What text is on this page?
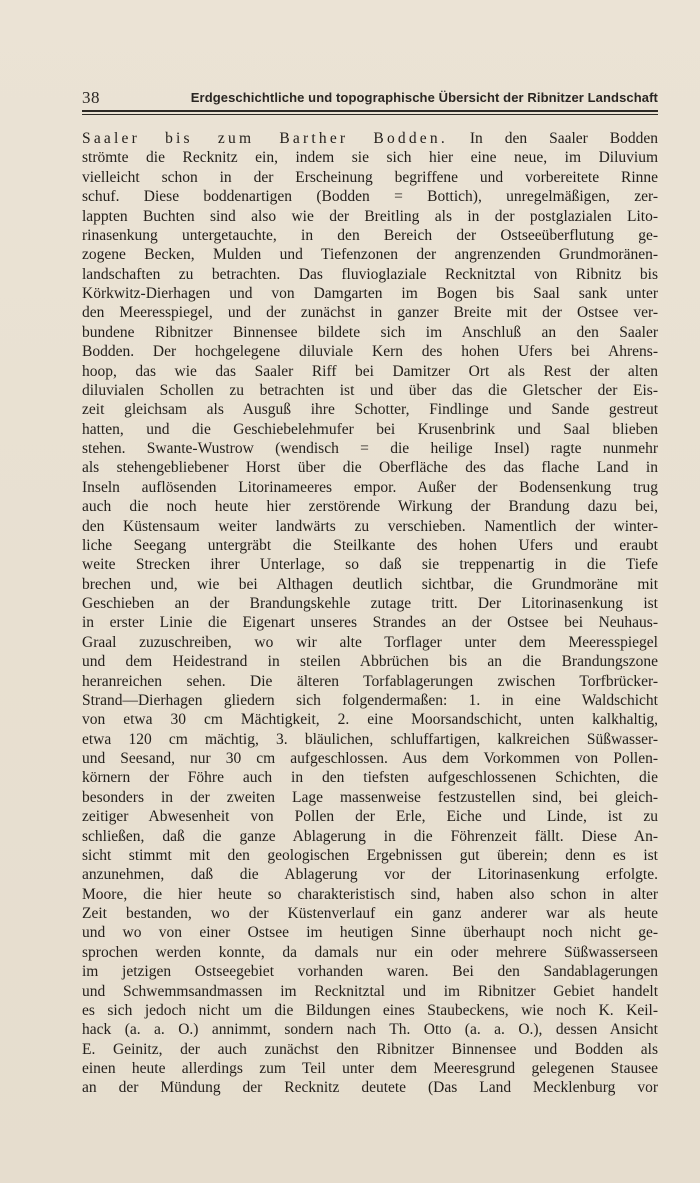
38	Erdgeschichtliche und topographische Übersicht der Ribnitzer Landschaft
Saaler bis zum Barther Bodden. In den Saaler Bodden
strömte die Recknitz ein, indem sie sich hier eine neue, im Diluvium
vielleicht schon in der Erscheinung begriffene und vorbereitete Rinne
schuf. Diese boddenartigen (Bodden = Bottich), unregelmäßigen, zer-
lappten Buchten sind also wie der Breitling als in der postglazialen Lito-
rinasenkung untergetauchte, in den Bereich der Ostseeüberflutung ge-
zogene Becken, Mulden und Tiefenzonen der angrenzenden Grundmoränen-
landschaften zu betrachten. Das fluvioglaziale Recknitztal von Ribnitz bis
Körkwitz-Dierhagen und von Damgarten im Bogen bis Saal sank unter
den Meeresspiegel, und der zunächst in ganzer Breite mit der Ostsee ver-
bundene Ribnitzer Binnensee bildete sich im Anschluß an den Saaler
Bodden. Der hochgelegene diluviale Kern des hohen Ufers bei Ahrens-
hoop, das wie das Saaler Riff bei Damitzer Ort als Rest der alten
diluvialen Schollen zu betrachten ist und über das die Gletscher der Eis-
zeit gleichsam als Ausguß ihre Schotter, Findlinge und Sande gestreut
hatten, und die Geschiebelehmufer bei Krusenbrink und Saal blieben
stehen. Swante-Wustrow (wendisch = die heilige Insel) ragte nunmehr
als stehengebliebener Horst über die Oberfläche des das flache Land in
Inseln auflösenden Litorinameeres empor. Außer der Bodensenkung trug
auch die noch heute hier zerstörende Wirkung der Brandung dazu bei,
den Küstensaum weiter landwärts zu verschieben. Namentlich der winter-
liche Seegang untergräbt die Steilkante des hohen Ufers und eraubt
weite Strecken ihrer Unterlage, so daß sie treppenartig in die Tiefe
brechen und, wie bei Althagen deutlich sichtbar, die Grundmoräne mit
Geschieben an der Brandungskehle zutage tritt. Der Litorinasenkung ist
in erster Linie die Eigenart unseres Strandes an der Ostsee bei Neuhaus-
Graal zuzuschreiben, wo wir alte Torflager unter dem Meeresspiegel
und dem Heidestrand in steilen Abbrüchen bis an die Brandungszone
heranreichen sehen. Die älteren Torfablagerungen zwischen Torfbrücker-
Strand—Dierhagen gliedern sich folgendermaßen: 1. in eine Waldschicht
von etwa 30 cm Mächtigkeit, 2. eine Moorsandschicht, unten kalkhaltig,
etwa 120 cm mächtig, 3. bläulichen, schluffartigen, kalkreichen Süßwasser-
und Seesand, nur 30 cm aufgeschlossen. Aus dem Vorkommen von Pollen-
körnern der Föhre auch in den tiefsten aufgeschlossenen Schichten, die
besonders in der zweiten Lage massenweise festzustellen sind, bei gleich-
zeitiger Abwesenheit von Pollen der Erle, Eiche und Linde, ist zu
schließen, daß die ganze Ablagerung in die Föhrenzeit fällt. Diese An-
sicht stimmt mit den geologischen Ergebnissen gut überein; denn es ist
anzunehmen, daß die Ablagerung vor der Litorinasenkung erfolgte.
Moore, die hier heute so charakteristisch sind, haben also schon in alter
Zeit bestanden, wo der Küstenverlauf ein ganz anderer war als heute
und wo von einer Ostsee im heutigen Sinne überhaupt noch nicht ge-
sprochen werden konnte, da damals nur ein oder mehrere Süßwasserseen
im jetzigen Ostseegebiet vorhanden waren. Bei den Sandablagerungen
und Schwemmsandmassen im Recknitztal und im Ribnitzer Gebiet handelt
es sich jedoch nicht um die Bildungen eines Staubeckens, wie noch K. Keil-
hack (a. a. O.) annimmt, sondern nach Th. Otto (a. a. O.), dessen Ansicht
E. Geinitz, der auch zunächst den Ribnitzer Binnensee und Bodden als
einen heute allerdings zum Teil unter dem Meeresgrund gelegenen Stausee
an der Mündung der Recknitz deutete (Das Land Mecklenburg vor
